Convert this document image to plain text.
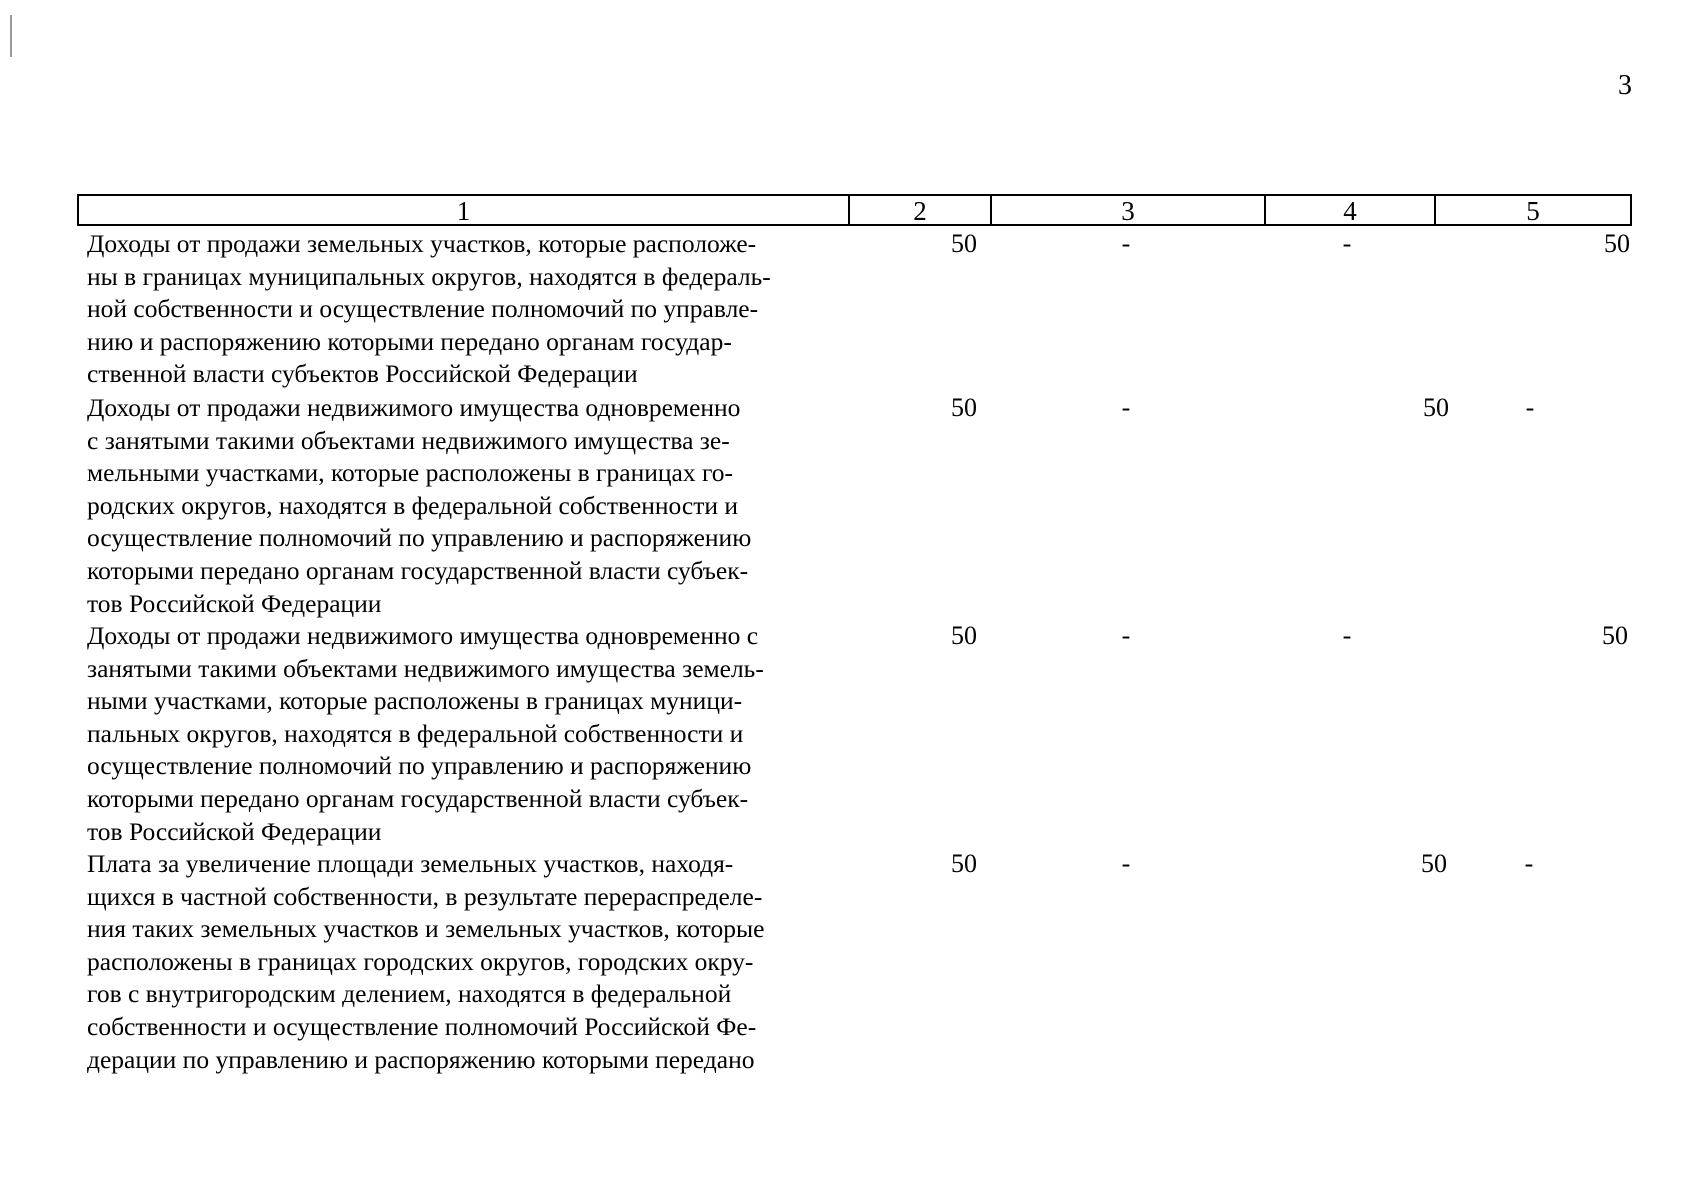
3
1	2	3	4	5
Доходы от продажи земельных участков, которые расположе-
ны в границах муниципальных округов, находятся в федераль-
ной собственности и осуществление полномочий по управле-
нию и распоряжению которыми передано органам государ-
ственной власти субъектов Российской Федерации
50	-	-	50
Доходы от продажи недвижимого имущества одновременно
с занятыми такими объектами недвижимого имущества зе-
мельными участками, которые расположены в границах го-
родских округов, находятся в федеральной собственности и
осуществление полномочий по управлению и распоряжению
которыми передано органам государственной власти субъек-
тов Российской Федерации
50	-	50	-
Доходы от продажи недвижимого имущества одновременно с
занятыми такими объектами недвижимого имущества земель-
ными участками, которые расположены в границах муници-
пальных округов, находятся в федеральной собственности и
осуществление полномочий по управлению и распоряжению
которыми передано органам государственной власти субъек-
тов Российской Федерации
50	-	-	50
Плата за увеличение площади земельных участков, находя-
щихся в частной собственности, в результате перераспределе-
ния таких земельных участков и земельных участков, которые
расположены в границах городских округов, городских окру-
гов с внутригородским делением, находятся в федеральной
собственности и осуществление полномочий Российской Фе-
дерации по управлению и распоряжению которыми передано
50	-	50	-
